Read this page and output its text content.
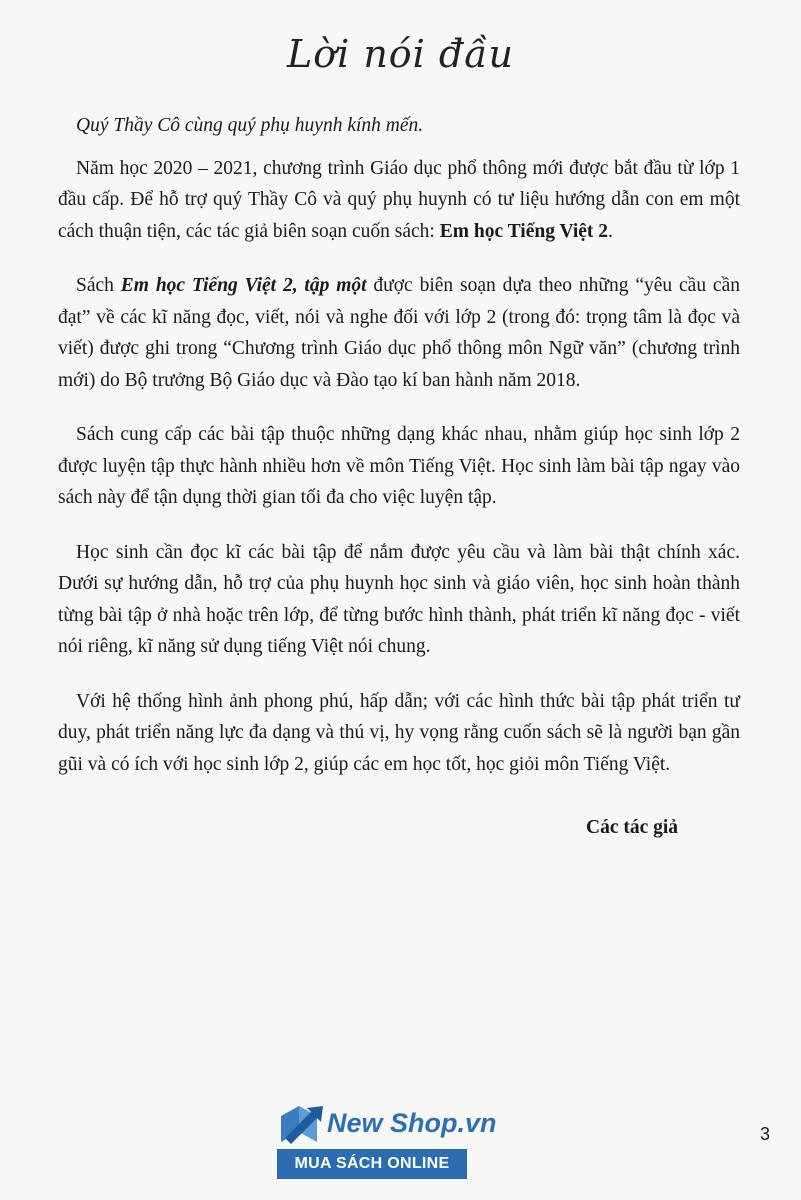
Lời nói đầu

Quý Thầy Cô cùng quý phụ huynh kính mến.

Năm học 2020 – 2021, chương trình Giáo dục phổ thông mới được bắt đầu từ lớp 1 đầu cấp. Để hỗ trợ quý Thầy Cô và quý phụ huynh có tư liệu hướng dẫn con em một cách thuận tiện, các tác giả biên soạn cuốn sách: Em học Tiếng Việt 2.

Sách Em học Tiếng Việt 2, tập một được biên soạn dựa theo những “yêu cầu cần đạt” về các kĩ năng đọc, viết, nói và nghe đối với lớp 2 (trong đó: trọng tâm là đọc và viết) được ghi trong “Chương trình Giáo dục phổ thông môn Ngữ văn” (chương trình mới) do Bộ trưởng Bộ Giáo dục và Đào tạo kí ban hành năm 2018.

Sách cung cấp các bài tập thuộc những dạng khác nhau, nhằm giúp học sinh lớp 2 được luyện tập thực hành nhiều hơn về môn Tiếng Việt. Học sinh làm bài tập ngay vào sách này để tận dụng thời gian tối đa cho việc luyện tập.

Học sinh cần đọc kĩ các bài tập để nắm được yêu cầu và làm bài thật chính xác. Dưới sự hướng dẫn, hỗ trợ của phụ huynh học sinh và giáo viên, học sinh hoàn thành từng bài tập ở nhà hoặc trên lớp, để từng bước hình thành, phát triển kĩ năng đọc - viết nói riêng, kĩ năng sử dụng tiếng Việt nói chung.

Với hệ thống hình ảnh phong phú, hấp dẫn; với các hình thức bài tập phát triển tư duy, phát triển năng lực đa dạng và thú vị, hy vọng rằng cuốn sách sẽ là người bạn gần gũi và có ích với học sinh lớp 2, giúp các em học tốt, học giỏi môn Tiếng Việt.

Các tác giả
New Shop.vn
MUA SÁCH ONLINE
3
